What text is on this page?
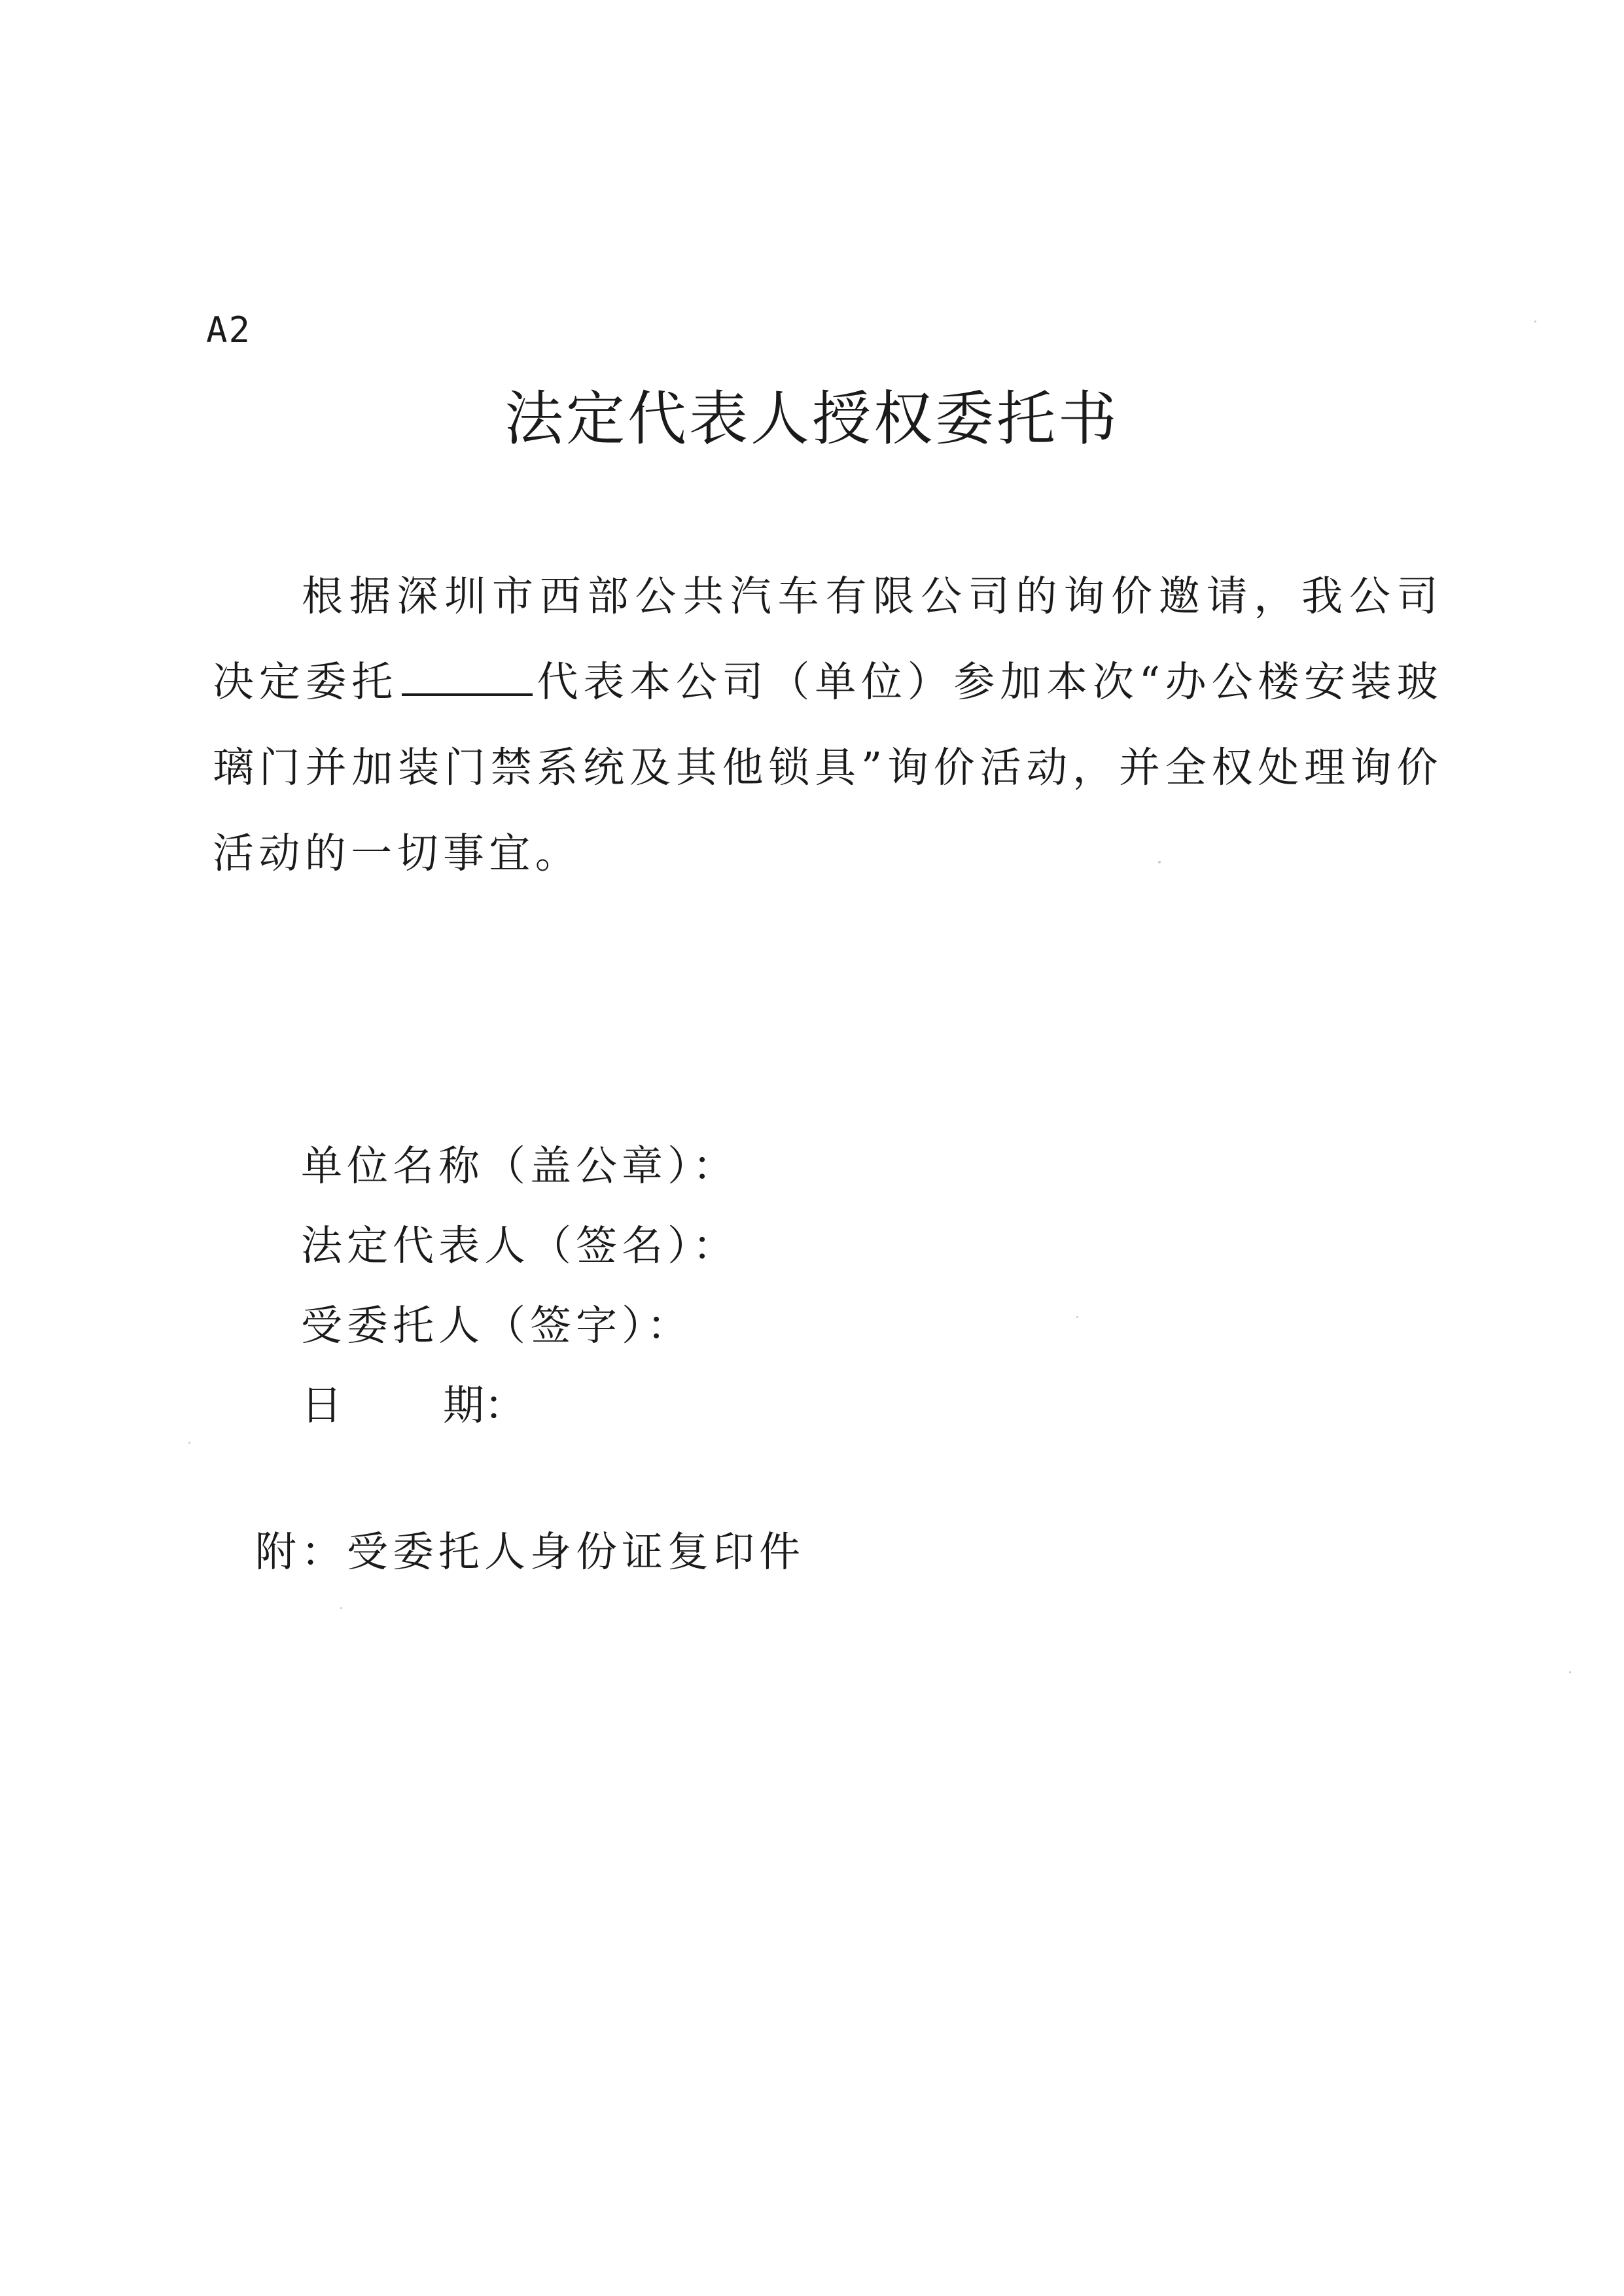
A2
法定代表人授权委托书

根据深圳市西部公共汽车有限公司的询价邀请，我公司决定委托	代表本公司（单位）参加本次“办公楼安装玻璃门并加装门禁系统及其他锁具”询价活动，并全权处理询价活动的一切事宜。

单位名称（盖公章）：
法定代表人（签名）：
受委托人（签字）：
日 期：
附：受委托人身份证复印件
